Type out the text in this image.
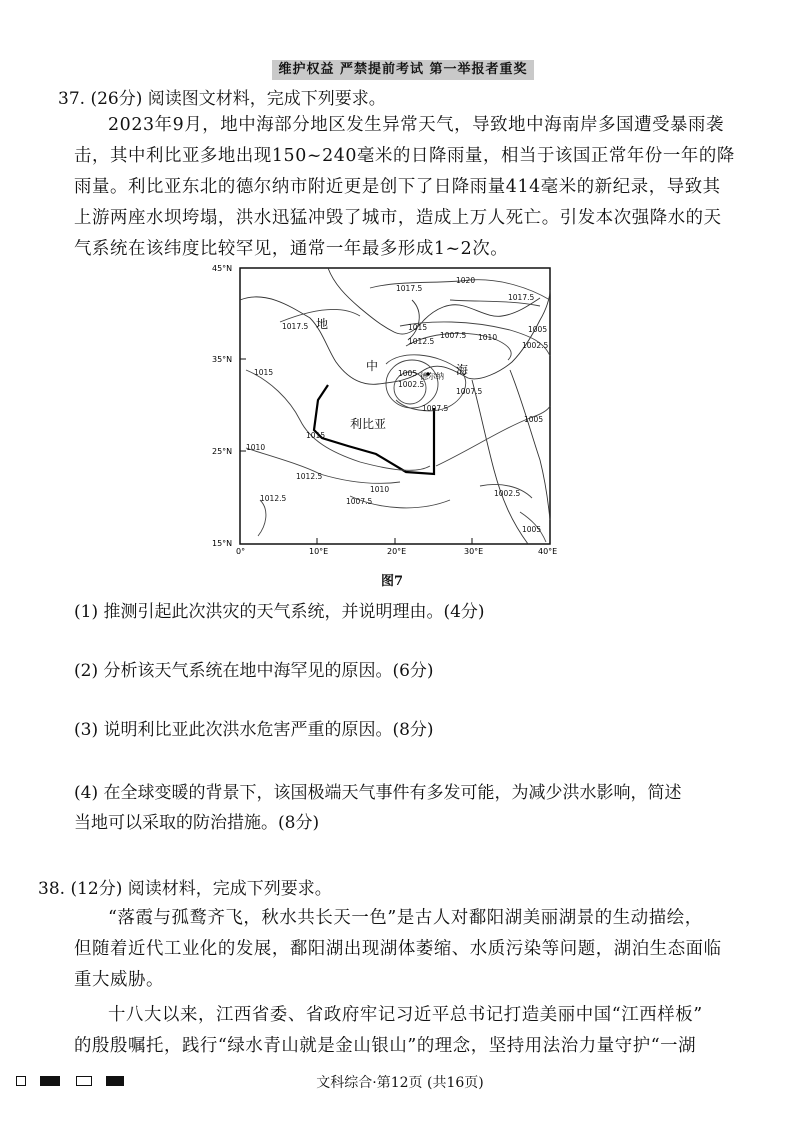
维护权益 严禁提前考试 第一举报者重奖
37. (26分) 阅读图文材料，完成下列要求。
2023年9月，地中海部分地区发生异常天气，导致地中海南岸多国遭受暴雨袭
击，其中利比亚多地出现150~240毫米的日降雨量，相当于该国正常年份一年的降
雨量。利比亚东北的德尔纳市附近更是创下了日降雨量414毫米的新纪录，导致其
上游两座水坝垮塌，洪水迅猛冲毁了城市，造成上万人死亡。引发本次强降水的天
气系统在该纬度比较罕见，通常一年最多形成1~2次。
45°N
35°N
25°N
15°N
0°	10°E	20°E	30°E	40°E
1017.5
1020
1017.5
1017.5	1015
1012.5
1007.5 1010
1005
1002.5
1015	1005
1002.5
1007.5
1007.5
1005
1015
1010
1012.5
1010
1007.5
1012.5
1002.5
1005
地
中	海
利比亚
德尔纳
图7
(1) 推测引起此次洪灾的天气系统，并说明理由。(4分)
(2) 分析该天气系统在地中海罕见的原因。(6分)
(3) 说明利比亚此次洪水危害严重的原因。(8分)
(4) 在全球变暖的背景下，该国极端天气事件有多发可能，为减少洪水影响，简述
当地可以采取的防治措施。(8分)
38. (12分) 阅读材料，完成下列要求。
“落霞与孤鹜齐飞，秋水共长天一色”是古人对鄱阳湖美丽湖景的生动描绘，
但随着近代工业化的发展，鄱阳湖出现湖体萎缩、水质污染等问题，湖泊生态面临
重大威胁。
十八大以来，江西省委、省政府牢记习近平总书记打造美丽中国“江西样板”
的殷殷嘱托，践行“绿水青山就是金山银山”的理念，坚持用法治力量守护“一湖
文科综合·第12页 (共16页)
